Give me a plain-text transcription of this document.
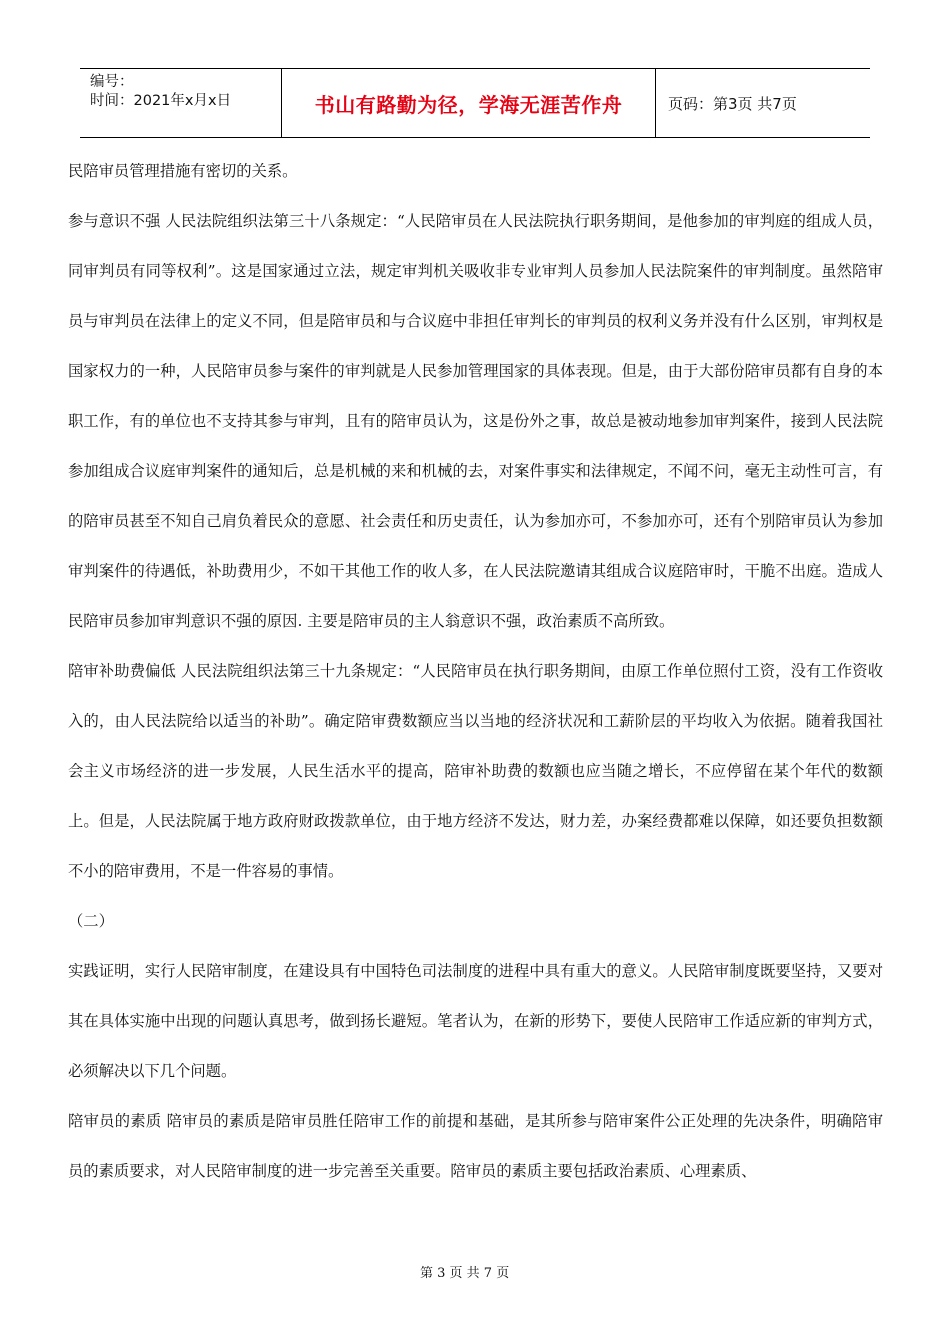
编号：
时间：2021年x月x日	书山有路勤为径，学海无涯苦作舟	页码：第3页 共7页

民陪审员管理措施有密切的关系。

参与意识不强 人民法院组织法第三十八条规定：“人民陪审员在人民法院执行职务期间，是他参加的审判庭的组成人员，同审判员有同等权利”。这是国家通过立法，规定审判机关吸收非专业审判人员参加人民法院案件的审判制度。虽然陪审员与审判员在法律上的定义不同，但是陪审员和与合议庭中非担任审判长的审判员的权利义务并没有什么区别，审判权是国家权力的一种，人民陪审员参与案件的审判就是人民参加管理国家的具体表现。但是，由于大部份陪审员都有自身的本职工作，有的单位也不支持其参与审判，且有的陪审员认为，这是份外之事，故总是被动地参加审判案件，接到人民法院参加组成合议庭审判案件的通知后，总是机械的来和机械的去，对案件事实和法律规定，不闻不问，毫无主动性可言，有的陪审员甚至不知自己肩负着民众的意愿、社会责任和历史责任，认为参加亦可，不参加亦可，还有个别陪审员认为参加审判案件的待遇低，补助费用少，不如干其他工作的收人多，在人民法院邀请其组成合议庭陪审时，干脆不出庭。造成人民陪审员参加审判意识不强的原因. 主要是陪审员的主人翁意识不强，政治素质不高所致。

陪审补助费偏低 人民法院组织法第三十九条规定：“人民陪审员在执行职务期间，由原工作单位照付工资，没有工作资收入的，由人民法院给以适当的补助”。确定陪审费数额应当以当地的经济状况和工薪阶层的平均收入为依据。随着我国社会主义市场经济的进一步发展，人民生活水平的提高，陪审补助费的数额也应当随之增长，不应停留在某个年代的数额上。但是，人民法院属于地方政府财政拨款单位，由于地方经济不发达，财力差，办案经费都难以保障，如还要负担数额不小的陪审费用，不是一件容易的事情。

（二）

实践证明，实行人民陪审制度，在建设具有中国特色司法制度的进程中具有重大的意义。人民陪审制度既要坚持，又要对其在具体实施中出现的问题认真思考，做到扬长避短。笔者认为，在新的形势下，要使人民陪审工作适应新的审判方式，必须解决以下几个问题。

陪审员的素质 陪审员的素质是陪审员胜任陪审工作的前提和基础，是其所参与陪审案件公正处理的先决条件，明确陪审员的素质要求，对人民陪审制度的进一步完善至关重要。陪审员的素质主要包括政治素质、心理素质、

第 3 页 共 7 页
